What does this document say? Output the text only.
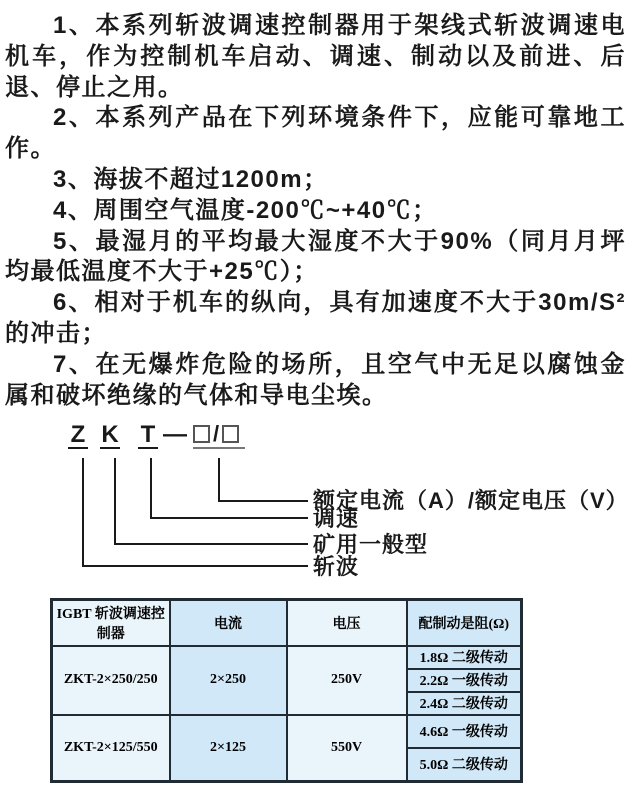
1、本系列斩波调速控制器用于架线式斩波调速电机车，作为控制机车启动、调速、制动以及前进、后退、停止之用。

2、本系列产品在下列环境条件下，应能可靠地工作。

3、海拔不超过1200m；

4、周围空气温度-200℃~+40℃；

5、最湿月的平均最大湿度不大于90%（同月月坪均最低温度不大于+25℃）；

6、相对于机车的纵向，具有加速度不大于30m/S²的冲击；

7、在无爆炸危险的场所，且空气中无足以腐蚀金属和破坏绝缘的气体和导电尘埃。

Z K T — /
额定电流（A）/额定电压（V）
调速
矿用一般型
斩波
IGBT 斩波调速控制器	电流	电压	配制动是阻(Ω)
ZKT-2×250/250	2×250	250V	1.8Ω 二级传动
			2.2Ω 一级传动
			2.4Ω 二级传动
ZKT-2×125/550	2×125	550V	4.6Ω 一级传动
			5.0Ω 二级传动
